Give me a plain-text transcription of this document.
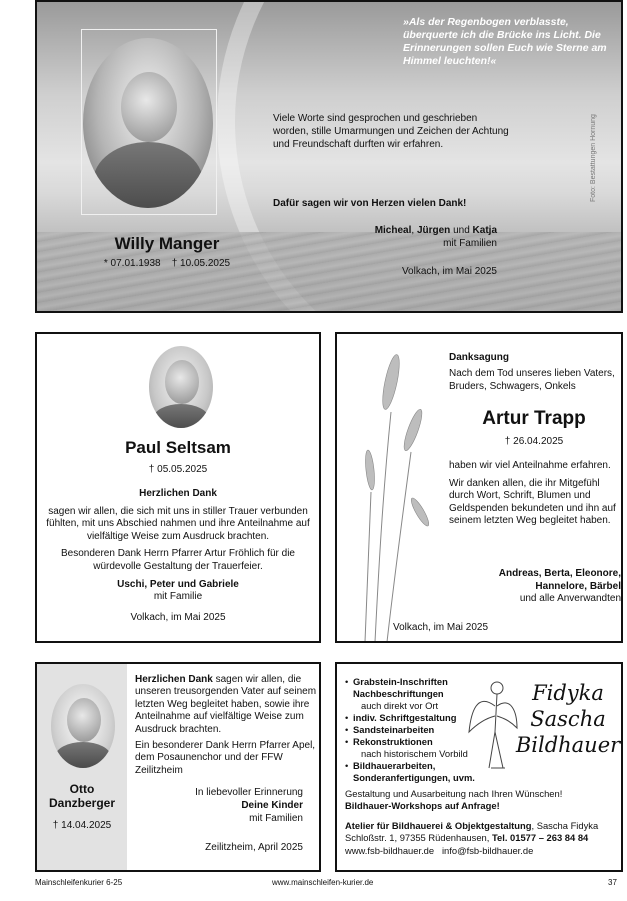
»Als der Regenbogen verblasste, überquerte ich die Brücke ins Licht. Die Erinnerungen sollen Euch wie Sterne am Himmel leuchten!«
Willy Manger
* 07.01.1938 † 10.05.2025
Viele Worte sind gesprochen und geschrieben worden, stille Umarmungen und Zeichen der Achtung und Freundschaft durften wir erfahren.
Dafür sagen wir von Herzen vielen Dank!
Micheal, Jürgen und Katja
mit Familien
Volkach, im Mai 2025
Foto: Bestattungen Hornung
Paul Seltsam
† 05.05.2025

Herzlichen Dank

sagen wir allen, die sich mit uns in stiller Trauer verbunden fühlten, mit uns Abschied nahmen und ihre Anteilnahme auf vielfältige Weise zum Ausdruck brachten.

Besonderen Dank Herrn Pfarrer Artur Fröhlich für die würdevolle Gestaltung der Trauerfeier.

Uschi, Peter und Gabriele
mit Familie

Volkach, im Mai 2025

Danksagung
Nach dem Tod unseres lieben Vaters, Bruders, Schwagers, Onkels
Artur Trapp
† 26.04.2025

haben wir viel Anteilnahme erfahren.

Wir danken allen, die ihr Mitgefühl durch Wort, Schrift, Blumen und Geldspenden bekundeten und ihn auf seinem letzten Weg begleitet haben.

Andreas, Berta, Eleonore, Hannelore, Bärbel
und alle Anverwandten
Volkach, im Mai 2025
Otto Danzberger
† 14.04.2025

Herzlichen Dank sagen wir allen, die unseren treusorgenden Vater auf seinem letzten Weg begleitet haben, sowie ihre Anteilnahme auf vielfältige Weise zum Ausdruck brachten.

Ein besonderer Dank Herrn Pfarrer Apel, dem Posaunenchor und der FFW Zeilitzheim

In liebevoller Erinnerung
Deine Kinder
mit Familien
Zeilitzheim, April 2025
• Grabstein-Inschriften
Nachbeschriftungen
auch direkt vor Ort
• indiv. Schriftgestaltung
• Sandsteinarbeiten
• Rekonstruktionen
nach historischem Vorbild
• Bildhauerarbeiten, Sonderanfertigungen, uvm.
Fidyka
Sascha
Bildhauer
Gestaltung und Ausarbeitung nach Ihren Wünschen!
Bildhauer-Workshops auf Anfrage!
Atelier für Bildhauerei & Objektgestaltung, Sascha Fidyka
Schloßstr. 1, 97355 Rüdenhausen, Tel. 01577 – 263 84 84
www.fsb-bildhauer.de info@fsb-bildhauer.de
Mainschleifenkurier 6-25	www.mainschleifen-kurier.de	37
